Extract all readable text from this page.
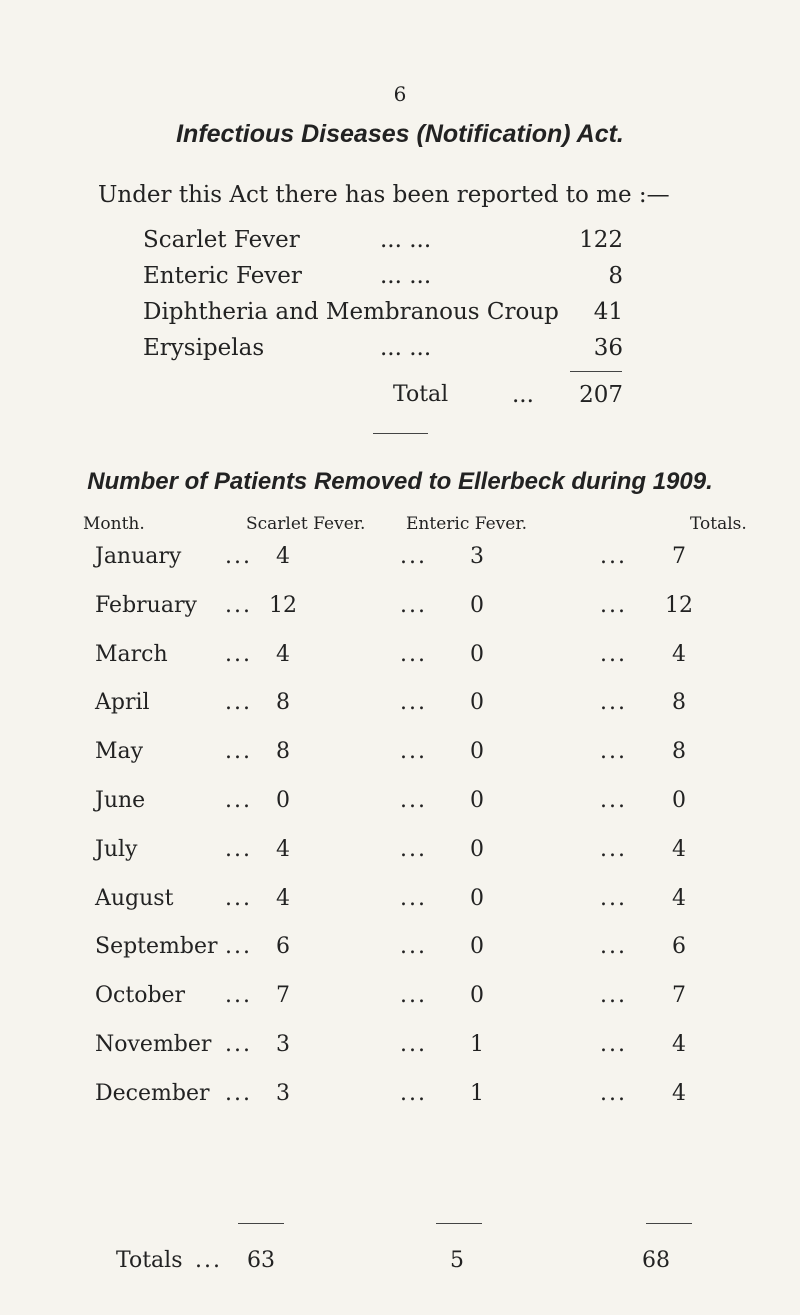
6
Infectious Diseases (Notification) Act.
Under this Act there has been reported to me :—
Scarlet Fever	... ...	122
Enteric Fever	... ...	8
Diphtheria and Membranous Croup	41
Erysipelas	... ...	36
Total	...	207
Number of Patients Removed to Ellerbeck during 1909.
Month.	Scarlet Fever. Enteric Fever.	Totals.
January ...	4	...	3	...	7
February ... 12	...	0	...	12
March	...	4	...	0	...	4
April	...	8	...	0	...	8
May	...	8	...	0	...	8
June	...	0	...	0	...	0
July	...	4	...	0	...	4
August ...	4	...	0	...	4
September ...	6	...	0	...	6
October ...	7	...	0	...	7
November ...	3	...	1	...	4
December ...	3	...	1	...	4
Totals ...	63	5	68
